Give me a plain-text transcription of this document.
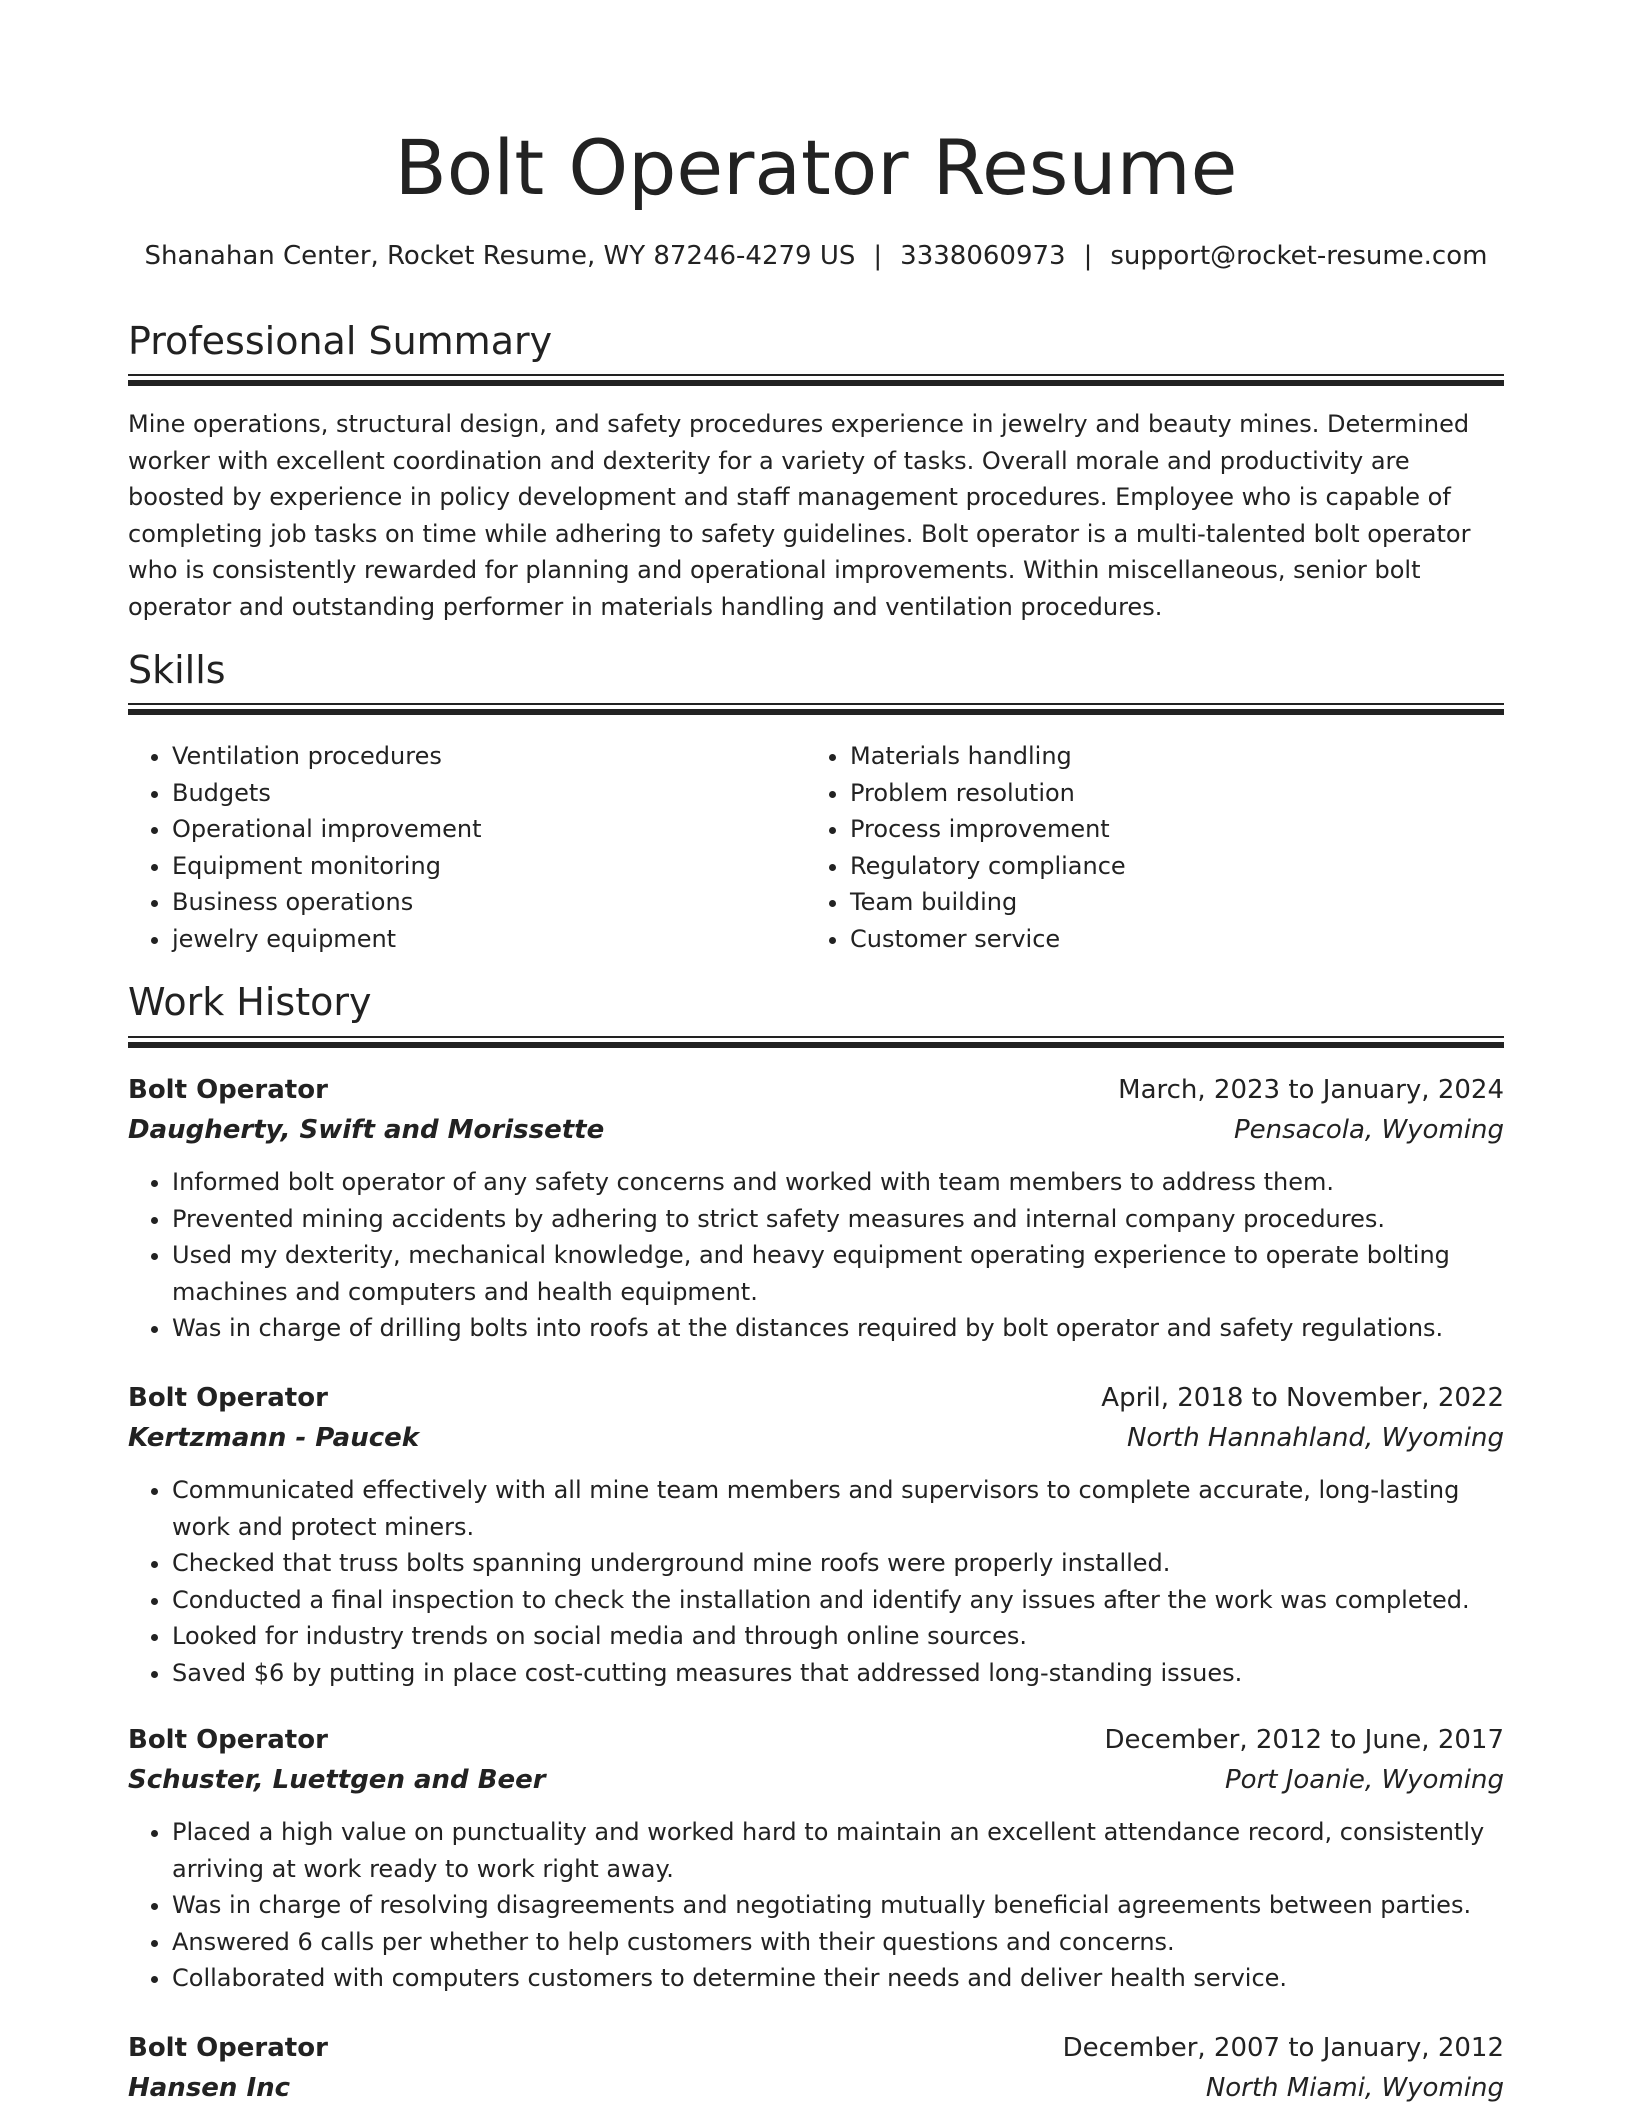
Bolt Operator Resume
Shanahan Center, Rocket Resume, WY 87246-4279 US | 3338060973 | support@rocket-resume.com
Professional Summary

Mine operations, structural design, and safety procedures experience in jewelry and beauty mines. Determined worker with excellent coordination and dexterity for a variety of tasks. Overall morale and productivity are boosted by experience in policy development and staff management procedures. Employee who is capable of completing job tasks on time while adhering to safety guidelines. Bolt operator is a multi-talented bolt operator who is consistently rewarded for planning and operational improvements. Within miscellaneous, senior bolt operator and outstanding performer in materials handling and ventilation procedures.

Skills
• Ventilation procedures
• Budgets
• Operational improvement
• Equipment monitoring
• Business operations
• jewelry equipment
• Materials handling
• Problem resolution
• Process improvement
• Regulatory compliance
• Team building
• Customer service
Work History
Bolt Operator	March, 2023 to January, 2024
Daugherty, Swift and Morissette	Pensacola, Wyoming
• Informed bolt operator of any safety concerns and worked with team members to address them.
• Prevented mining accidents by adhering to strict safety measures and internal company procedures.
• Used my dexterity, mechanical knowledge, and heavy equipment operating experience to operate bolting machines and computers and health equipment.
• Was in charge of drilling bolts into roofs at the distances required by bolt operator and safety regulations.
Bolt Operator	April, 2018 to November, 2022
Kertzmann - Paucek	North Hannahland, Wyoming
• Communicated effectively with all mine team members and supervisors to complete accurate, long-lasting work and protect miners.
• Checked that truss bolts spanning underground mine roofs were properly installed.
• Conducted a final inspection to check the installation and identify any issues after the work was completed.
• Looked for industry trends on social media and through online sources.
• Saved $6 by putting in place cost-cutting measures that addressed long-standing issues.
Bolt Operator	December, 2012 to June, 2017
Schuster, Luettgen and Beer	Port Joanie, Wyoming
• Placed a high value on punctuality and worked hard to maintain an excellent attendance record, consistently arriving at work ready to work right away.
• Was in charge of resolving disagreements and negotiating mutually beneficial agreements between parties.
• Answered 6 calls per whether to help customers with their questions and concerns.
• Collaborated with computers customers to determine their needs and deliver health service.
Bolt Operator	December, 2007 to January, 2012
Hansen Inc	North Miami, Wyoming
